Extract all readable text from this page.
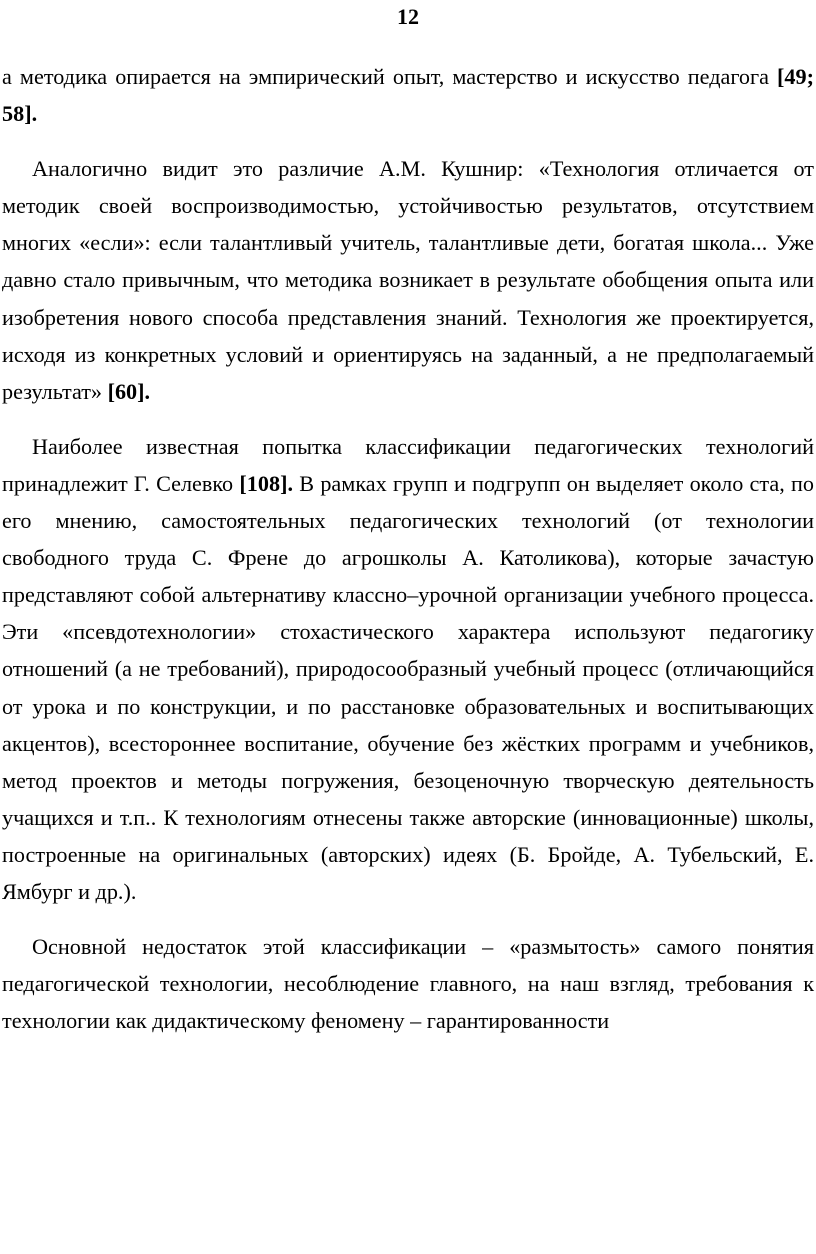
12

а методика опирается на эмпирический опыт, мастерство и искусство педагога [49; 58].

Аналогично видит это различие А.М. Кушнир: «Технология отличается от методик своей воспроизводимостью, устойчивостью результатов, отсутствием многих «если»: если талантливый учитель, талантливые дети, богатая школа... Уже давно стало привычным, что методика возникает в результате обобщения опыта или изобретения нового способа представления знаний. Технология же проектируется, исходя из конкретных условий и ориентируясь на заданный, а не предполагаемый результат» [60].

Наиболее известная попытка классификации педагогических технологий принадлежит Г. Селевко [108]. В рамках групп и подгрупп он выделяет около ста, по его мнению, самостоятельных педагогических технологий (от технологии свободного труда С. Френе до агрошколы А. Католикова), которые зачастую представляют собой альтернативу классно–урочной организации учебного процесса. Эти «псевдотехнологии» стохастического характера используют педагогику отношений (а не требований), природосообразный учебный процесс (отличающийся от урока и по конструкции, и по расстановке образовательных и воспитывающих акцентов), всестороннее воспитание, обучение без жёстких программ и учебников, метод проектов и методы погружения, безоценочную творческую деятельность учащихся и т.п.. К технологиям отнесены также авторские (инновационные) школы, построенные на оригинальных (авторских) идеях (Б. Бройде, А. Тубельский, Е. Ямбург и др.).

Основной недостаток этой классификации – «размытость» самого понятия педагогической технологии, несоблюдение главного, на наш взгляд, требования к технологии как дидактическому феномену – гарантированности
